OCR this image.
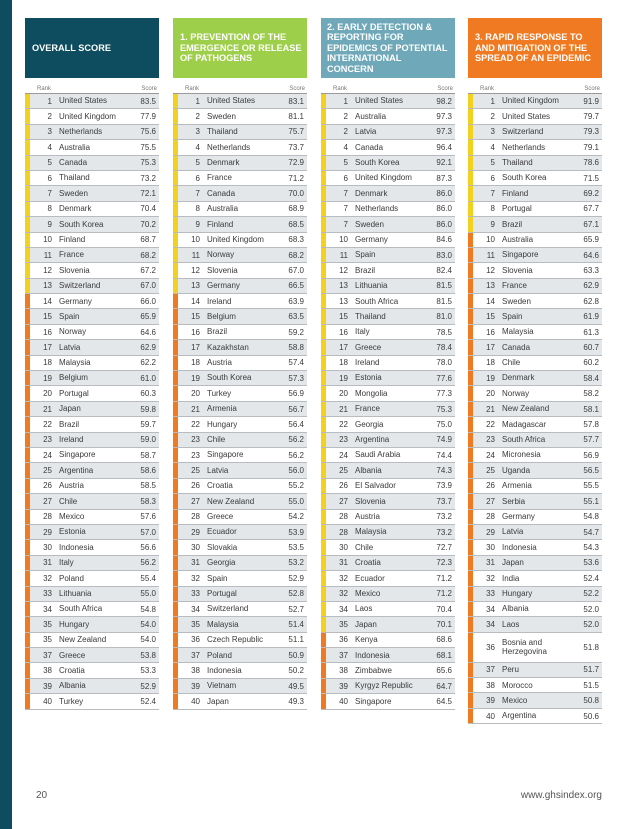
OVERALL SCORE
Rank	Score
1 United States	83.5
2 United Kingdom	77.9
3 Netherlands	75.6
4 Australia	75.5
5 Canada	75.3
6 Thailand	73.2
7 Sweden	72.1
8 Denmark	70.4
9 South Korea	70.2
10 Finland	68.7
11 France	68.2
12 Slovenia	67.2
13 Switzerland	67.0
14 Germany	66.0
15 Spain	65.9
16 Norway	64.6
17 Latvia	62.9
18 Malaysia	62.2
19 Belgium	61.0
20 Portugal	60.3
21 Japan	59.8
22 Brazil	59.7
23 Ireland	59.0
24 Singapore	58.7
25 Argentina	58.6
26 Austria	58.5
27 Chile	58.3
28 Mexico	57.6
29 Estonia	57.0
30 Indonesia	56.6
31 Italy	56.2
32 Poland	55.4
33 Lithuania	55.0
34 South Africa	54.8
35 Hungary	54.0
35 New Zealand	54.0
37 Greece	53.8
38 Croatia	53.3
39 Albania	52.9
40 Turkey	52.4
1. PREVENTION OF THE
EMERGENCE OR RELEASE
OF PATHOGENS
Rank	Score
1 United States	83.1
2 Sweden	81.1
3 Thailand	75.7
4 Netherlands	73.7
5 Denmark	72.9
6 France	71.2
7 Canada	70.0
8 Australia	68.9
9 Finland	68.5
10 United Kingdom	68.3
11 Norway	68.2
12 Slovenia	67.0
13 Germany	66.5
14 Ireland	63.9
15 Belgium	63.5
16 Brazil	59.2
17 Kazakhstan	58.8
18 Austria	57.4
19 South Korea	57.3
20 Turkey	56.9
21 Armenia	56.7
22 Hungary	56.4
23 Chile	56.2
23 Singapore	56.2
25 Latvia	56.0
26 Croatia	55.2
27 New Zealand	55.0
28 Greece	54.2
29 Ecuador	53.9
30 Slovakia	53.5
31 Georgia	53.2
32 Spain	52.9
33 Portugal	52.8
34 Switzerland	52.7
35 Malaysia	51.4
36 Czech Republic	51.1
37 Poland	50.9
38 Indonesia	50.2
39 Vietnam	49.5
40 Japan	49.3
2. EARLY DETECTION &
REPORTING FOR
EPIDEMICS OF POTENTIAL
INTERNATIONAL
CONCERN
Rank	Score
1 United States	98.2
2 Australia	97.3
2 Latvia	97.3
4 Canada	96.4
5 South Korea	92.1
6 United Kingdom	87.3
7 Denmark	86.0
7 Netherlands	86.0
7 Sweden	86.0
10 Germany	84.6
11 Spain	83.0
12 Brazil	82.4
13 Lithuania	81.5
13 South Africa	81.5
15 Thailand	81.0
16 Italy	78.5
17 Greece	78.4
18 Ireland	78.0
19 Estonia	77.6
20 Mongolia	77.3
21 France	75.3
22 Georgia	75.0
23 Argentina	74.9
24 Saudi Arabia	74.4
25 Albania	74.3
26 El Salvador	73.9
27 Slovenia	73.7
28 Austria	73.2
28 Malaysia	73.2
30 Chile	72.7
31 Croatia	72.3
32 Ecuador	71.2
32 Mexico	71.2
34 Laos	70.4
35 Japan	70.1
36 Kenya	68.6
37 Indonesia	68.1
38 Zimbabwe	65.6
39 Kyrgyz Republic	64.7
40 Singapore	64.5
3. RAPID RESPONSE TO
AND MITIGATION OF THE
SPREAD OF AN EPIDEMIC
Rank	Score
1 United Kingdom	91.9
2 United States	79.7
3 Switzerland	79.3
4 Netherlands	79.1
5 Thailand	78.6
6 South Korea	71.5
7 Finland	69.2
8 Portugal	67.7
9 Brazil	67.1
10 Australia	65.9
11 Singapore	64.6
12 Slovenia	63.3
13 France	62.9
14 Sweden	62.8
15 Spain	61.9
16 Malaysia	61.3
17 Canada	60.7
18 Chile	60.2
19 Denmark	58.4
20 Norway	58.2
21 New Zealand	58.1
22 Madagascar	57.8
23 South Africa	57.7
24 Micronesia	56.9
25 Uganda	56.5
26 Armenia	55.5
27 Serbia	55.1
28 Germany	54.8
29 Latvia	54.7
30 Indonesia	54.3
31 Japan	53.6
32 India	52.4
33 Hungary	52.2
34 Albania	52.0
34 Laos	52.0
36
Bosnia and
Herzegovina	51.8
37 Peru	51.7
38 Morocco	51.5
39 Mexico	50.8
40 Argentina	50.6
20	www.ghsindex.org
